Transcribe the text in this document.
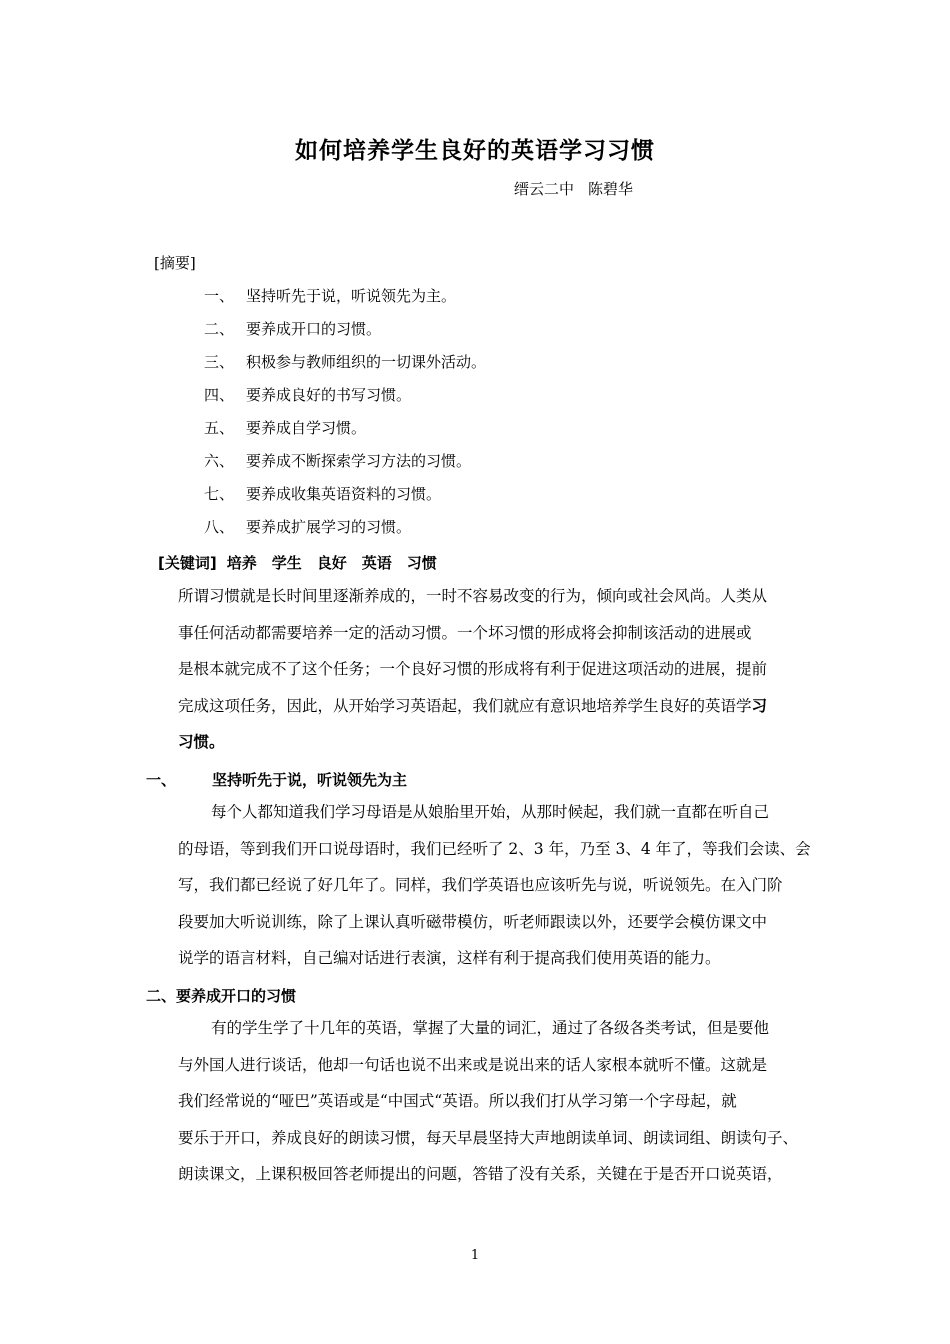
如何培养学生良好的英语学习习惯
缙云二中 陈碧华
[摘要]
一、 坚持听先于说，听说领先为主。
二、 要养成开口的习惯。
三、 积极参与教师组织的一切课外活动。
四、 要养成良好的书写习惯。
五、 要养成自学习惯。
六、 要养成不断探索学习方法的习惯。
七、 要养成收集英语资料的习惯。
八、 要养成扩展学习的习惯。
[关键词] 培养　学生　良好　英语　习惯
所谓习惯就是长时间里逐渐养成的，一时不容易改变的行为，倾向或社会风尚。人类从
事任何活动都需要培养一定的活动习惯。一个坏习惯的形成将会抑制该活动的进展或
是根本就完成不了这个任务；一个良好习惯的形成将有利于促进这项活动的进展，提前
完成这项任务，因此，从开始学习英语起，我们就应有意识地培养学生良好的英语学习
习惯。
一、 坚持听先于说，听说领先为主
每个人都知道我们学习母语是从娘胎里开始，从那时候起，我们就一直都在听自己
的母语，等到我们开口说母语时，我们已经听了 2、3 年，乃至 3、4 年了，等我们会读、会
写，我们都已经说了好几年了。同样，我们学英语也应该听先与说，听说领先。在入门阶
段要加大听说训练，除了上课认真听磁带模仿，听老师跟读以外，还要学会模仿课文中
说学的语言材料，自己编对话进行表演，这样有利于提高我们使用英语的能力。
二、要养成开口的习惯
有的学生学了十几年的英语，掌握了大量的词汇，通过了各级各类考试，但是要他
与外国人进行谈话，他却一句话也说不出来或是说出来的话人家根本就听不懂。这就是
我们经常说的“哑巴”英语或是“中国式“英语。所以我们打从学习第一个字母起，就
要乐于开口，养成良好的朗读习惯，每天早晨坚持大声地朗读单词、朗读词组、朗读句子、
朗读课文，上课积极回答老师提出的问题，答错了没有关系，关键在于是否开口说英语，
1
